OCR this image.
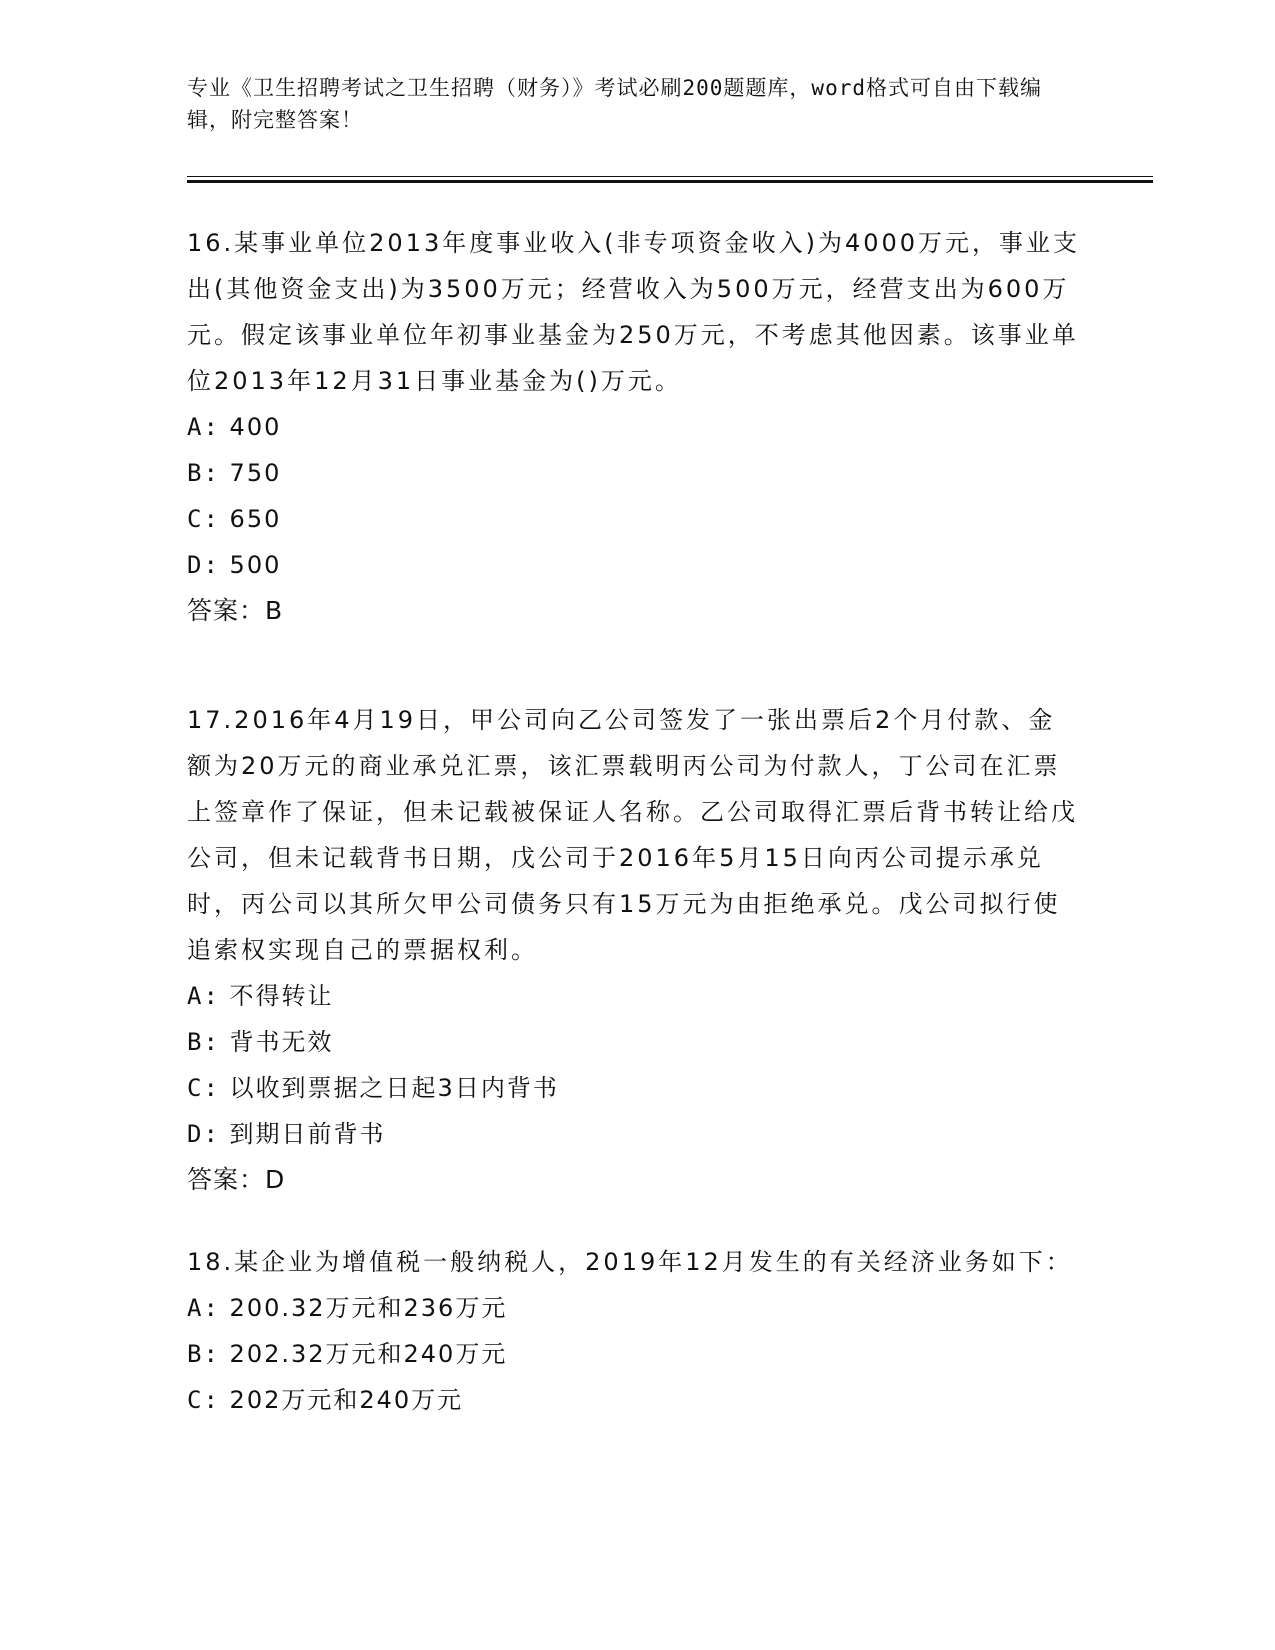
专业《卫生招聘考试之卫生招聘（财务）》考试必刷200题题库，word格式可自由下载编辑，附完整答案！

16.某事业单位2013年度事业收入(非专项资金收入)为4000万元，事业支出(其他资金支出)为3500万元；经营收入为500万元，经营支出为600万元。假定该事业单位年初事业基金为250万元，不考虑其他因素。该事业单位2013年12月31日事业基金为()万元。

A: 400

B: 750

C: 650

D: 500

答案：B

17.2016年4月19日，甲公司向乙公司签发了一张出票后2个月付款、金额为20万元的商业承兑汇票，该汇票载明丙公司为付款人，丁公司在汇票上签章作了保证，但未记载被保证人名称。乙公司取得汇票后背书转让给戊公司，但未记载背书日期，戊公司于2016年5月15日向丙公司提示承兑时，丙公司以其所欠甲公司债务只有15万元为由拒绝承兑。戊公司拟行使追索权实现自己的票据权利。

A: 不得转让

B: 背书无效

C: 以收到票据之日起3日内背书

D: 到期日前背书

答案：D

18.某企业为增值税一般纳税人，2019年12月发生的有关经济业务如下：

A: 200.32万元和236万元

B: 202.32万元和240万元

C: 202万元和240万元
